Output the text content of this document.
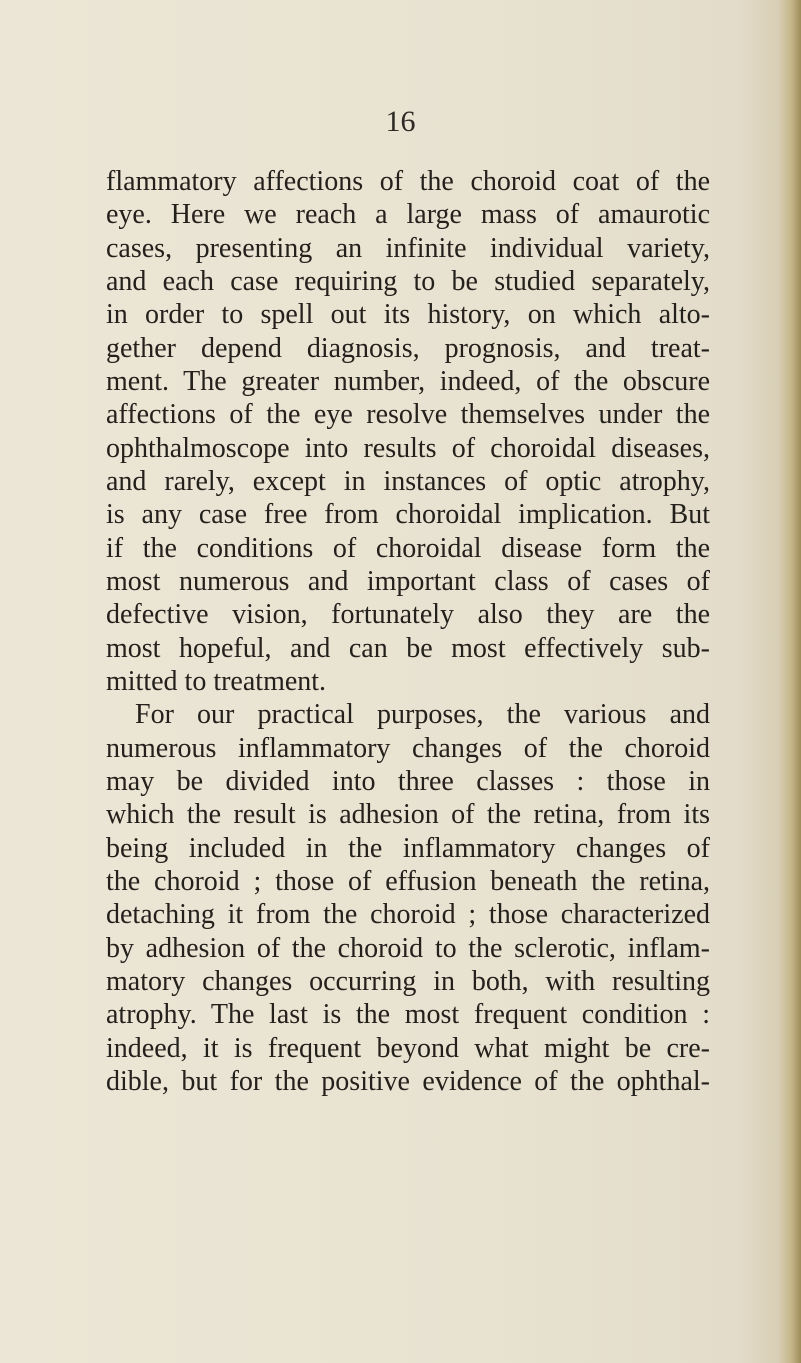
16
flammatory affections of the choroid coat of the
eye. Here we reach a large mass of amaurotic
cases, presenting an infinite individual variety,
and each case requiring to be studied separately,
in order to spell out its history, on which alto-
gether depend diagnosis, prognosis, and treat-
ment. The greater number, indeed, of the obscure
affections of the eye resolve themselves under the
ophthalmoscope into results of choroidal diseases,
and rarely, except in instances of optic atrophy,
is any case free from choroidal implication. But
if the conditions of choroidal disease form the
most numerous and important class of cases of
defective vision, fortunately also they are the
most hopeful, and can be most effectively sub-
mitted to treatment.
For our practical purposes, the various and
numerous inflammatory changes of the choroid
may be divided into three classes : those in
which the result is adhesion of the retina, from its
being included in the inflammatory changes of
the choroid ; those of effusion beneath the retina,
detaching it from the choroid ; those characterized
by adhesion of the choroid to the sclerotic, inflam-
matory changes occurring in both, with resulting
atrophy. The last is the most frequent condition :
indeed, it is frequent beyond what might be cre-
dible, but for the positive evidence of the ophthal-
